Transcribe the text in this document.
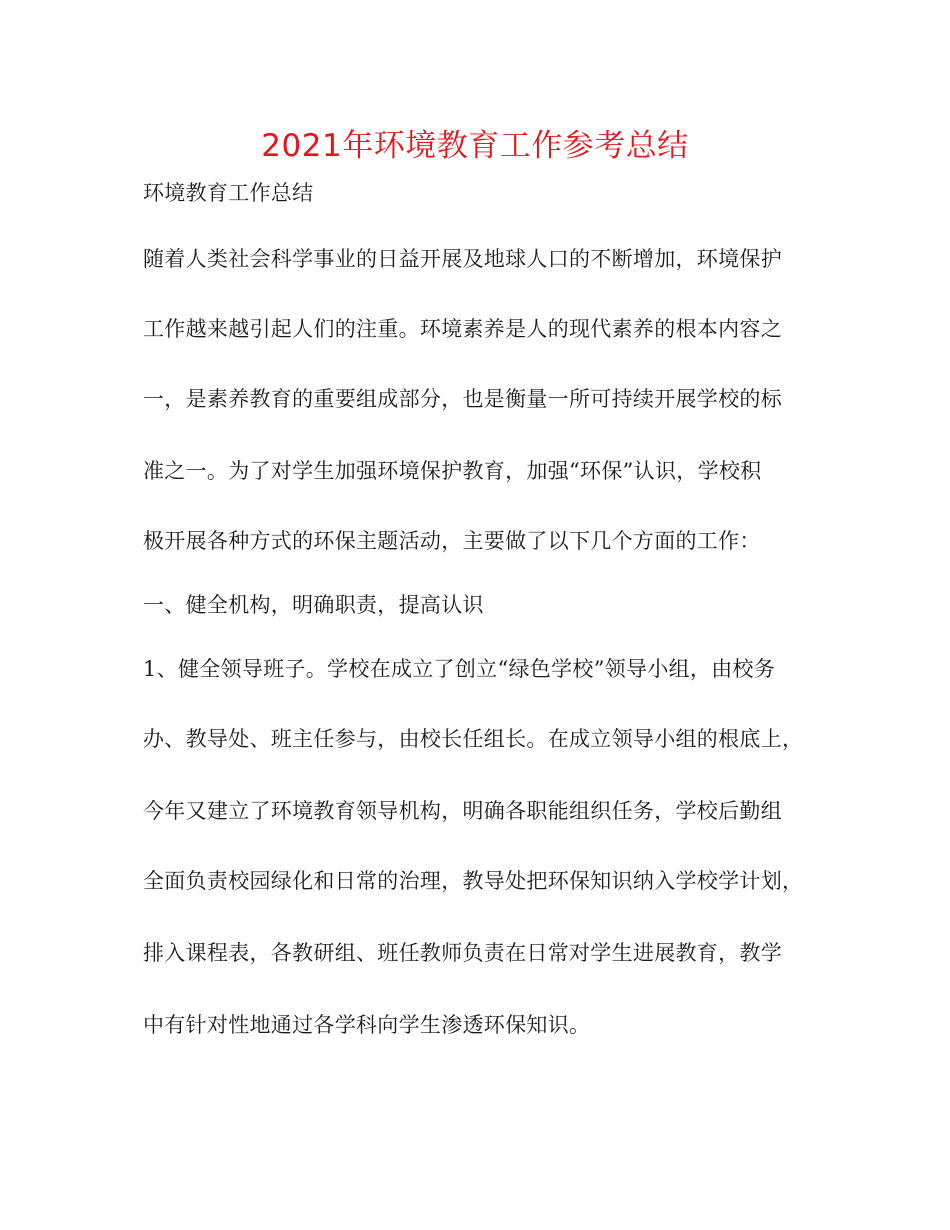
2021年环境教育工作参考总结
环境教育工作总结
随着人类社会科学事业的日益开展及地球人口的不断增加，环境保护
工作越来越引起人们的注重。环境素养是人的现代素养的根本内容之
一，是素养教育的重要组成部分，也是衡量一所可持续开展学校的标
准之一。为了对学生加强环境保护教育，加强“环保”认识，学校积
极开展各种方式的环保主题活动，主要做了以下几个方面的工作：
一、健全机构，明确职责，提高认识
1、健全领导班子。学校在成立了创立“绿色学校”领导小组，由校务
办、教导处、班主任参与，由校长任组长。在成立领导小组的根底上，
今年又建立了环境教育领导机构，明确各职能组织任务，学校后勤组
全面负责校园绿化和日常的治理，教导处把环保知识纳入学校学计划，
排入课程表，各教研组、班任教师负责在日常对学生进展教育，教学
中有针对性地通过各学科向学生渗透环保知识。
